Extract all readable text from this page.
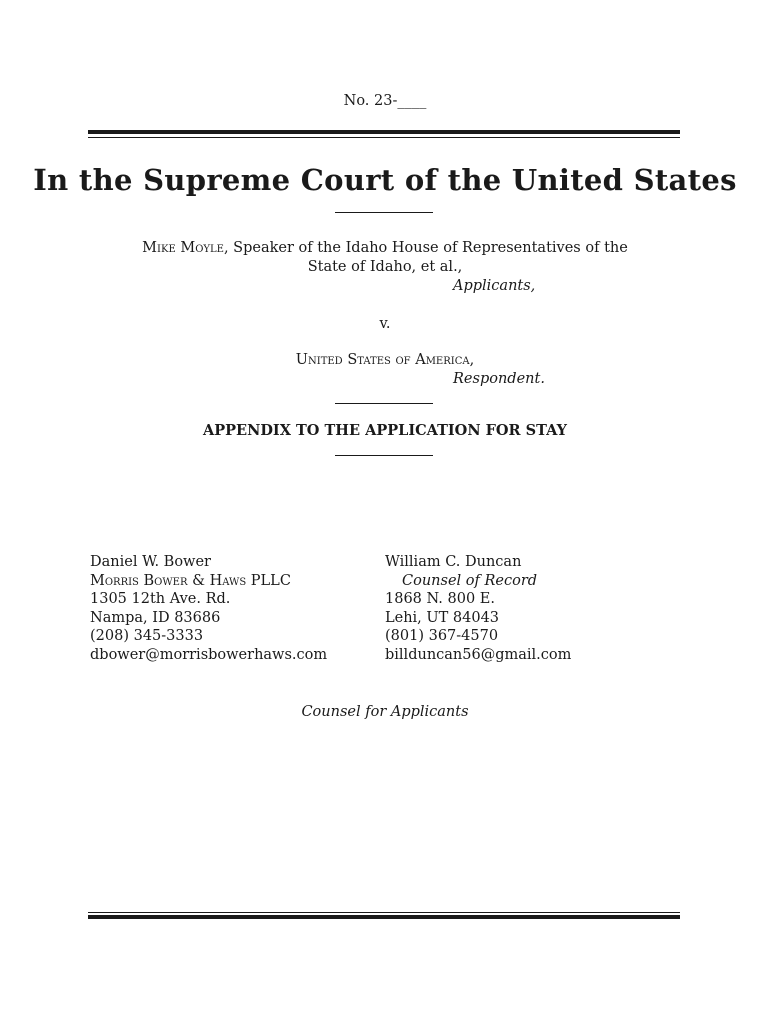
No. 23-____
In the Supreme Court of the United States
Mike Moyle, Speaker of the Idaho House of Representatives of the
State of Idaho, et al.,
Applicants,
v.
United States of America,
Respondent.
APPENDIX TO THE APPLICATION FOR STAY
Daniel W. Bower
Morris Bower & Haws PLLC
1305 12th Ave. Rd.
Nampa, ID 83686
(208) 345-3333
dbower@morrisbowerhaws.com
William C. Duncan
Counsel of Record
1868 N. 800 E.
Lehi, UT 84043
(801) 367-4570
billduncan56@gmail.com
Counsel for Applicants
